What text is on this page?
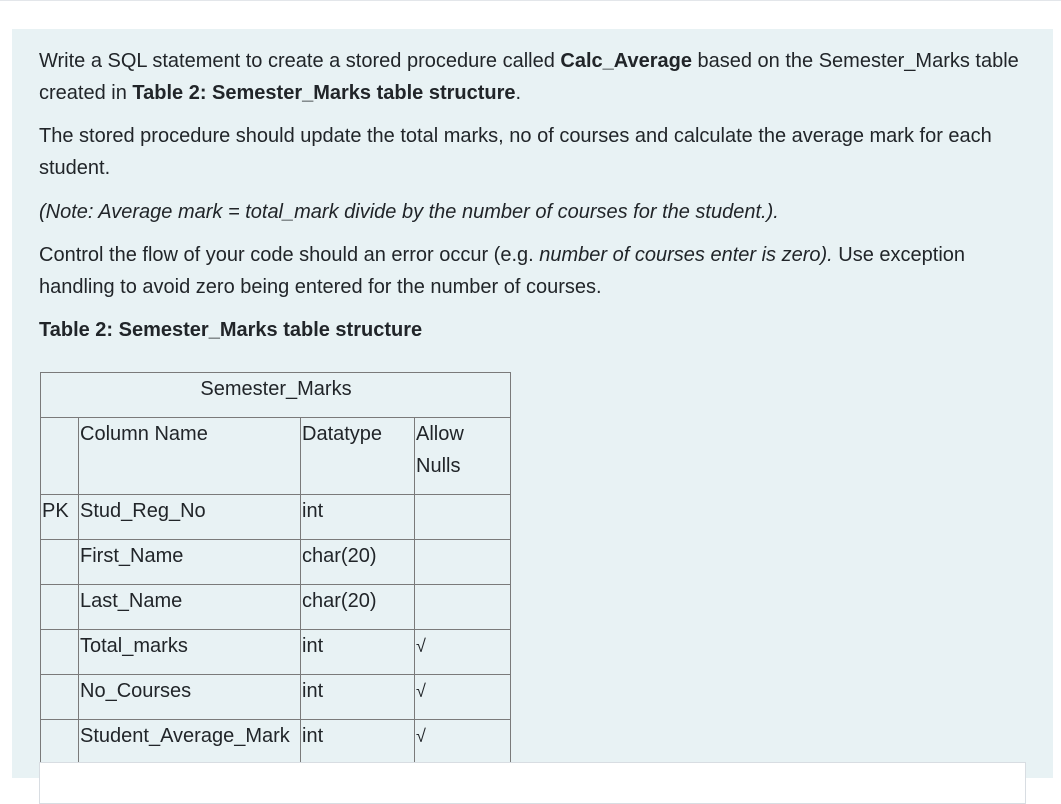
Write a SQL statement to create a stored procedure called Calc_Average based on the Semester_Marks table created in Table 2: Semester_Marks table structure.

The stored procedure should update the total marks, no of courses and calculate the average mark for each student.

(Note: Average mark = total_mark divide by the number of courses for the student.).

Control the flow of your code should an error occur (e.g. number of courses enter is zero). Use exception handling to avoid zero being entered for the number of courses.

Table 2: Semester_Marks table structure

Semester_Marks			
	Column Name	Datatype	Allow Nulls
PK	Stud_Reg_No	int	
	First_Name	char(20)	
	Last_Name	char(20)	
	Total_marks	int	√
	No_Courses	int	√
	Student_Average_Mark	int	√
